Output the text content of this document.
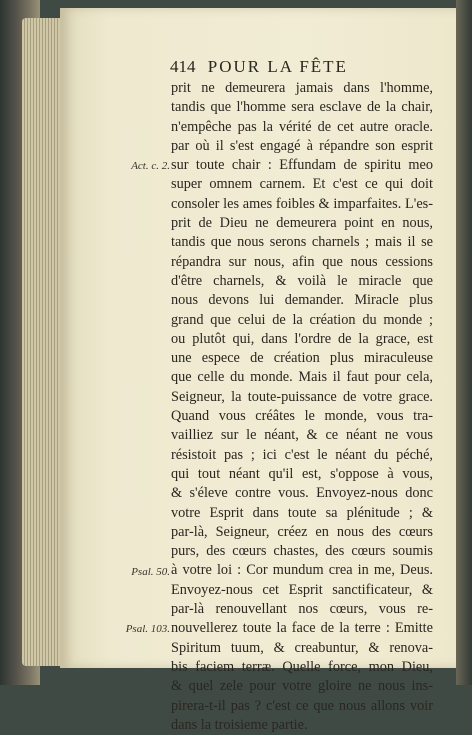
414 POUR LA FÊTE
prit ne demeurera jamais dans l'homme,
tandis que l'homme sera esclave de la chair,
n'empêche pas la vérité de cet autre oracle.
par où il s'est engagé à répandre son esprit
sur toute chair : Effundam de spiritu meo
super omnem carnem. Et c'est ce qui doit
consoler les ames foibles & imparfaites. L'es-
prit de Dieu ne demeurera point en nous,
tandis que nous serons charnels ; mais il se
répandra sur nous, afin que nous cessions
d'être charnels, & voilà le miracle que
nous devons lui demander. Miracle plus
grand que celui de la création du monde ;
ou plutôt qui, dans l'ordre de la grace, est
une espece de création plus miraculeuse
que celle du monde. Mais il faut pour cela,
Seigneur, la toute-puissance de votre grace.
Quand vous créâtes le monde, vous tra-
vailliez sur le néant, & ce néant ne vous
résistoit pas ; ici c'est le néant du péché,
qui tout néant qu'il est, s'oppose à vous,
& s'éleve contre vous. Envoyez-nous donc
votre Esprit dans toute sa plénitude ; &
par-là, Seigneur, créez en nous des cœurs
purs, des cœurs chastes, des cœurs soumis
à votre loi : Cor mundum crea in me, Deus.
Envoyez-nous cet Esprit sanctificateur, &
par-là renouvellant nos cœurs, vous re-
nouvellerez toute la face de la terre : Emitte
Spiritum tuum, & creabuntur, & renova-
bis faciem terræ. Quelle force, mon Dieu,
& quel zele pour votre gloire ne nous ins-
pirera-t-il pas ? c'est ce que nous allons voir
dans la troisieme partie.
Act. c. 2.
Psal. 50.
Psal. 103.
